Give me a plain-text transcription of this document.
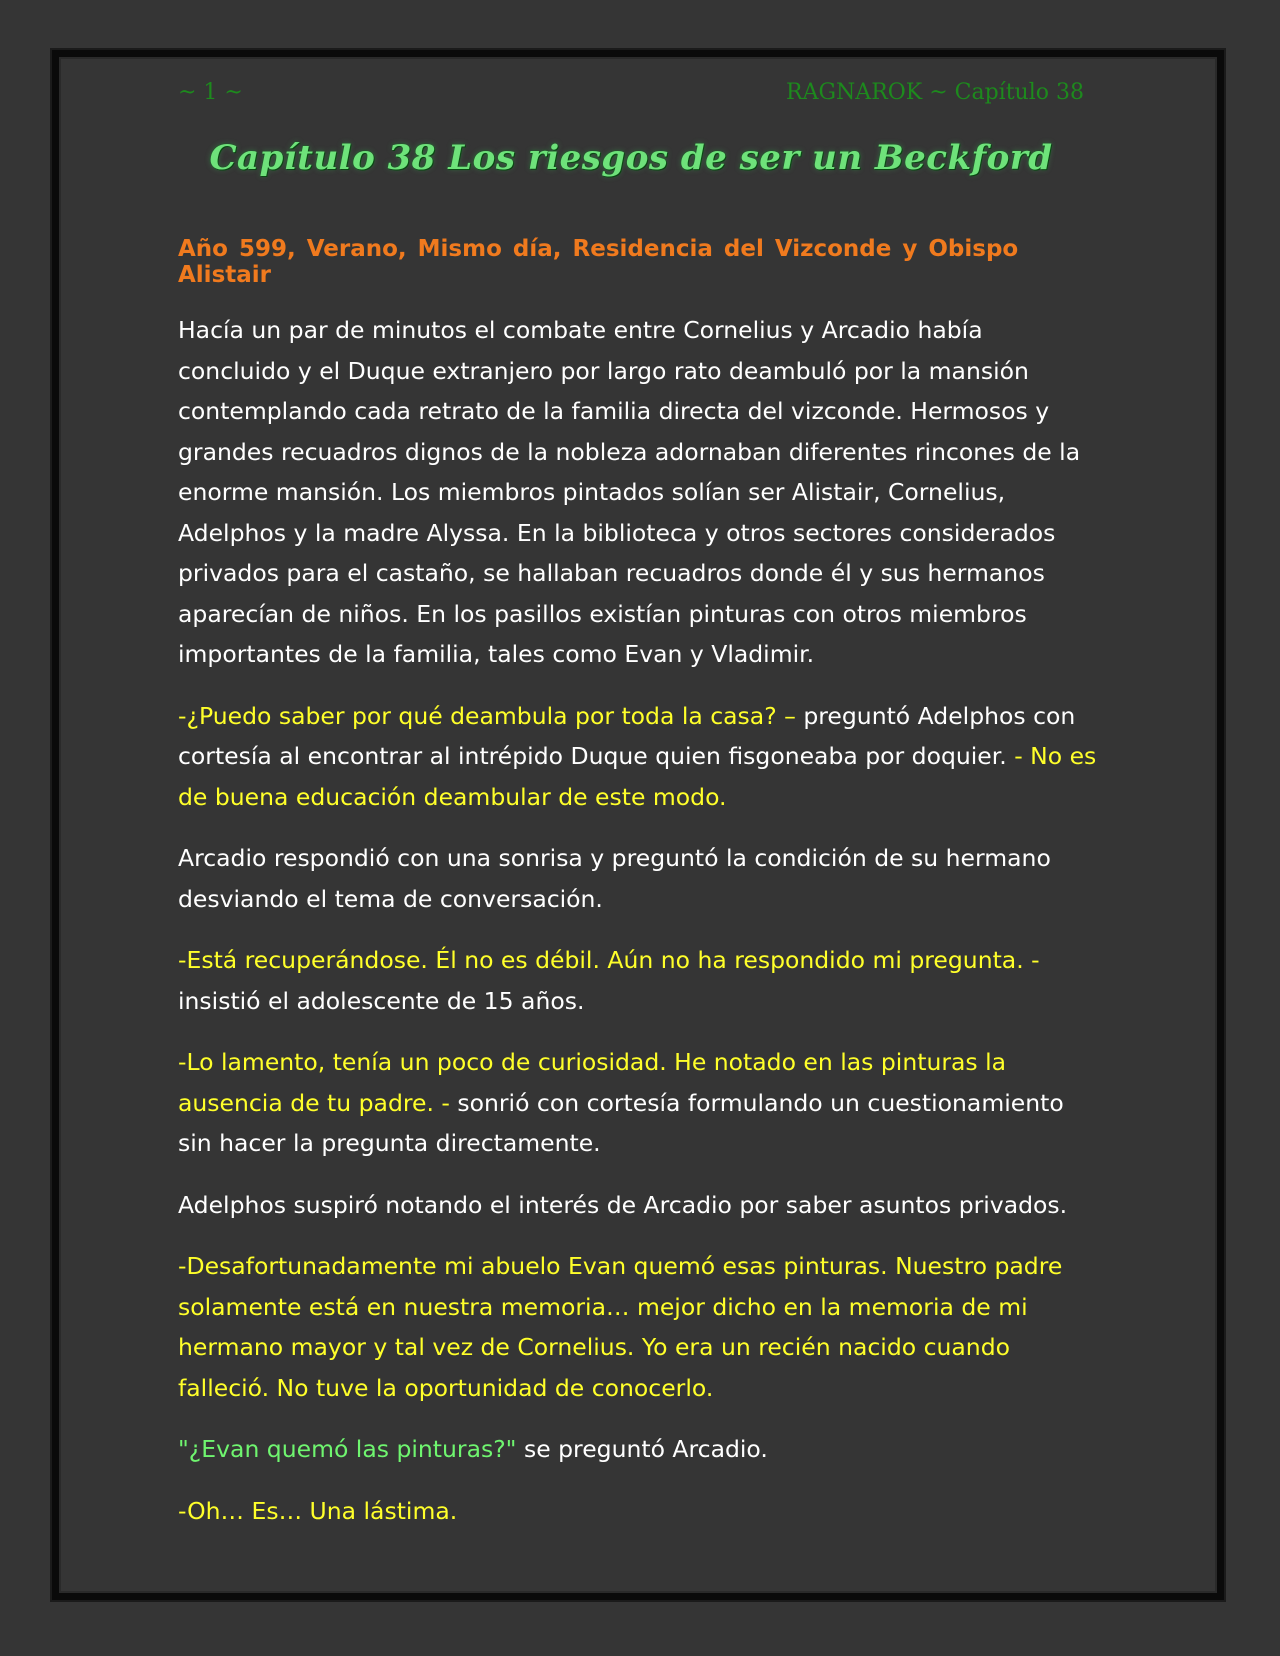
~ 1 ~	RAGNAROK ~ Capítulo 38
Capítulo 38 Los riesgos de ser un Beckford
Año 599, Verano, Mismo día, Residencia del Vizconde y Obispo Alistair

Hacía un par de minutos el combate entre Cornelius y Arcadio había concluido y el Duque extranjero por largo rato deambuló por la mansión contemplando cada retrato de la familia directa del vizconde. Hermosos y grandes recuadros dignos de la nobleza adornaban diferentes rincones de la enorme mansión. Los miembros pintados solían ser Alistair, Cornelius, Adelphos y la madre Alyssa. En la biblioteca y otros sectores considerados privados para el castaño, se hallaban recuadros donde él y sus hermanos aparecían de niños. En los pasillos existían pinturas con otros miembros importantes de la familia, tales como Evan y Vladimir.

-¿Puedo saber por qué deambula por toda la casa? – preguntó Adelphos con cortesía al encontrar al intrépido Duque quien fisgoneaba por doquier. - No es de buena educación deambular de este modo.

Arcadio respondió con una sonrisa y preguntó la condición de su hermano desviando el tema de conversación.

-Está recuperándose. Él no es débil. Aún no ha respondido mi pregunta. - insistió el adolescente de 15 años.

-Lo lamento, tenía un poco de curiosidad. He notado en las pinturas la ausencia de tu padre. - sonrió con cortesía formulando un cuestionamiento sin hacer la pregunta directamente.

Adelphos suspiró notando el interés de Arcadio por saber asuntos privados.

-Desafortunadamente mi abuelo Evan quemó esas pinturas. Nuestro padre solamente está en nuestra memoria… mejor dicho en la memoria de mi hermano mayor y tal vez de Cornelius. Yo era un recién nacido cuando falleció. No tuve la oportunidad de conocerlo.

"¿Evan quemó las pinturas?" se preguntó Arcadio.

-Oh… Es… Una lástima.
